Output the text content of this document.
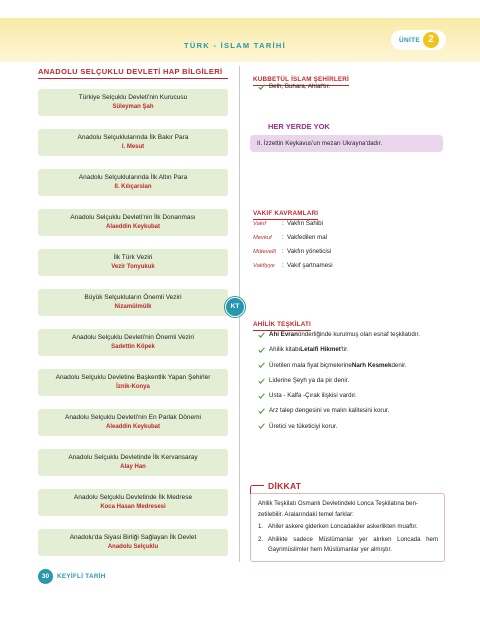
TÜRK - İSLAM TARİHİ
ÜNİTE 2
ANADOLU SELÇUKLU DEVLETİ HAP BİLGİLERİ
Türkiye Selçuklu Devleti'nin Kurucusu
Süleyman Şah
Anadolu Selçuklularında İlk Bakır Para
I. Mesut
Anadolu Selçuklularında İlk Altın Para
II. Kılıçarslan
Anadolu Selçuklu Devleti'nin İlk Donanması
Alaeddin Keykubat
İlk Türk Veziri
Vezir Tonyukuk
Büyük Selçukluların Önemli Veziri
Nizamülmülk
Anadolu Selçuklu Devleti'nin Önemli Veziri
Sadettin Köpek
Anadolu Selçuklu Devletine Başkentlik Yapan Şehirler
İznik-Konya
Anadolu Selçuklu Devleti'nin En Parlak Dönemi
Aleaddin Keykubat
Anadolu Selçuklu Devletinde İlk Kervansaray
Alay Han
Anadolu Selçuklu Devletinde İlk Medrese
Koca Hasan Medresesi
Anadolu'da Siyasi Birliği Sağlayan İlk Devlet
Anadolu Selçuklu
KT
KUBBETÜL İSLAM ŞEHİRLERİ
Belh, Buhara, Ahlat'tır.
HER YERDE YOK
II. İzzettin Keykavus'un mezarı Ukrayna'dadır.
VAKIF KAVRAMLARI
Vakıf	: Vakfın Sahibi
Mevkuf	: Vakfedilen mal
Mütevelli : Vakfın yöneticisi
Vakfiyye	: Vakıf şartnamesi
AHİLİK TEŞKİLATI
Ahi Evran önderliğinde kurulmuş olan esnaf teşkilatıdır.
Ahilik kitabı Letaifi Hikmet 'tir.
Üretilen mala fiyat biçmelerine Narh Kesmek denir.
Liderine Şeyh ya da pir denir.
Usta - Kalfa -Çırak ilişkisi vardır.
Arz talep dengesini ve malın kalitesini korur.
Üretici ve tüketiciyi korur.
DİKKAT
Ahilik Teşkilatı Osmanlı Devletindeki Lonca Teşkilatına ben-
zetilebilir. Aralarındaki temel farklar:
1. Ahiler askere giderken Loncadakiler askerlikten muaftır.
2. Ahilikte sadece Müslümanlar yer alırken Loncada hem Gayrimüslimler hem Müslümanlar yer almıştır.
30	KEYİFLİ TARİH
